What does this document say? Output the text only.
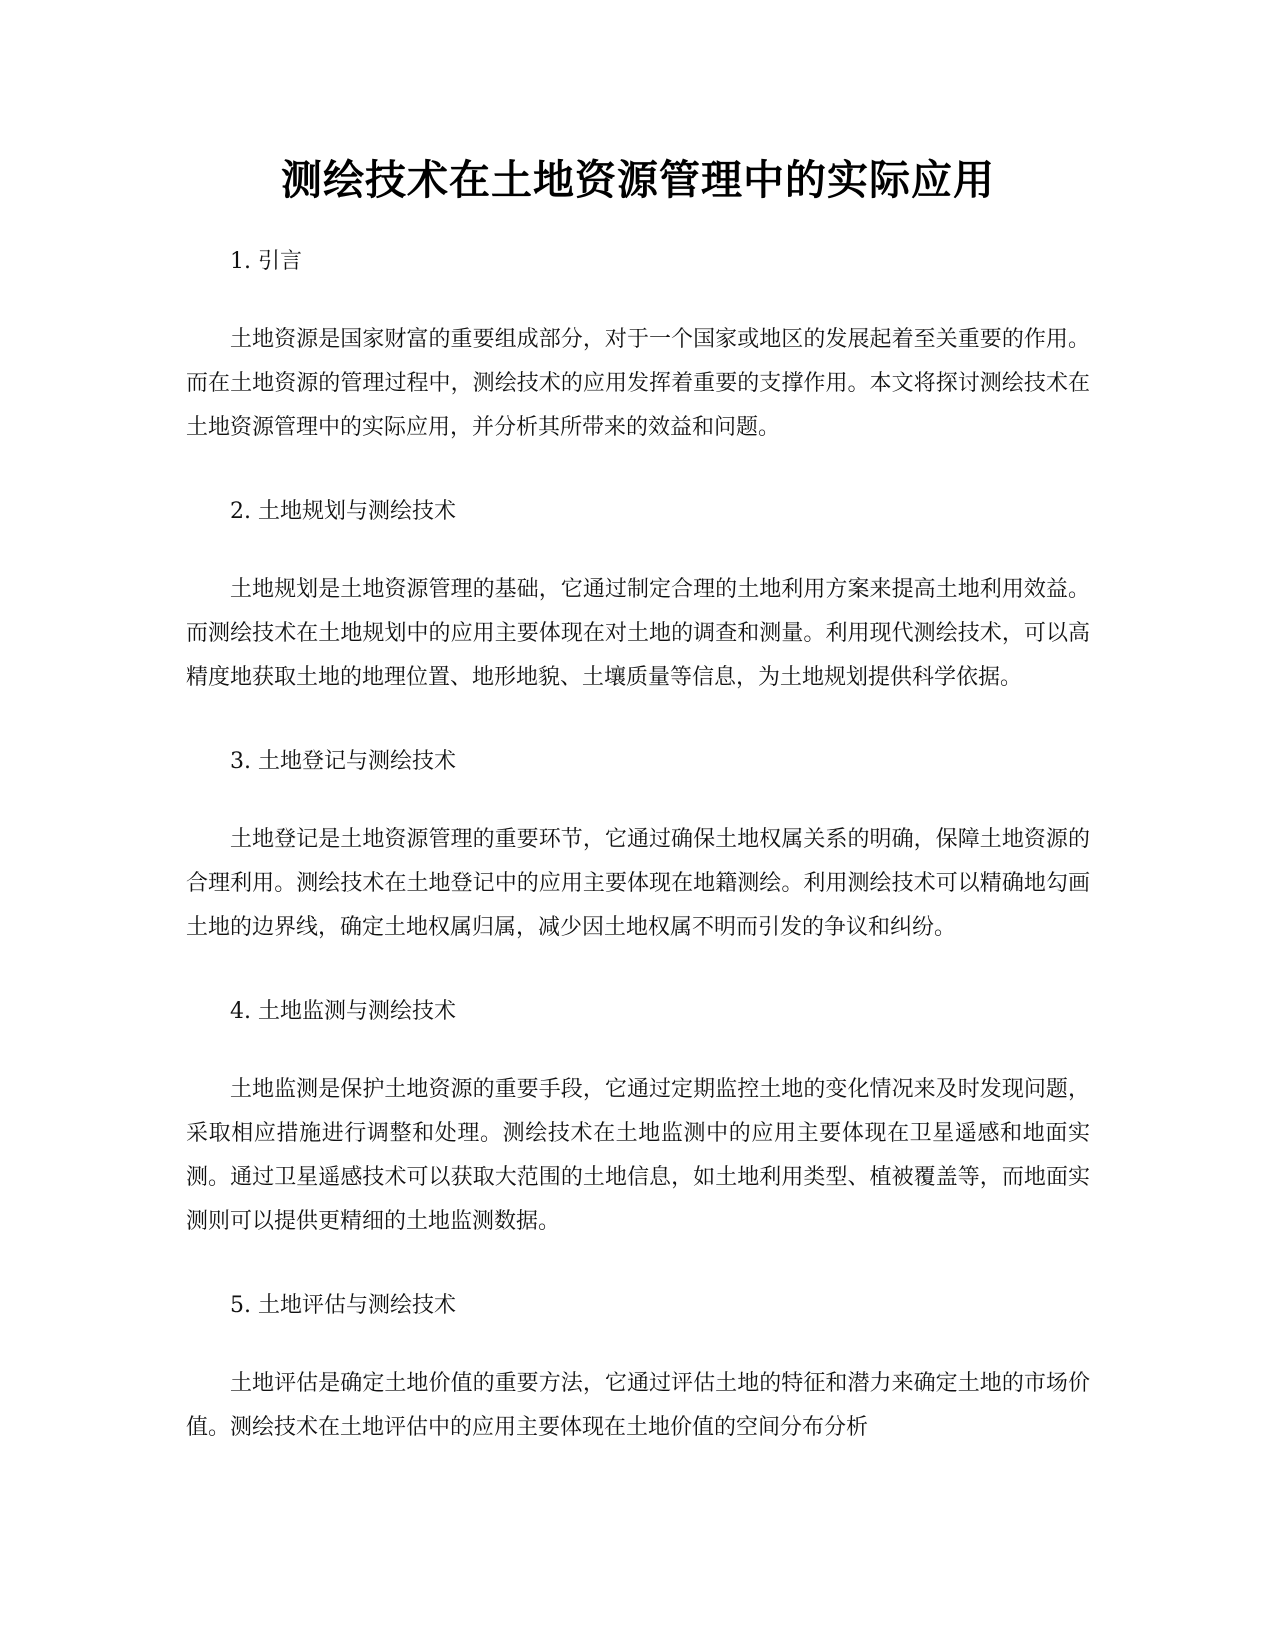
测绘技术在土地资源管理中的实际应用
1. 引言

土地资源是国家财富的重要组成部分，对于一个国家或地区的发展起着至关重要的作用。而在土地资源的管理过程中，测绘技术的应用发挥着重要的支撑作用。本文将探讨测绘技术在土地资源管理中的实际应用，并分析其所带来的效益和问题。

2. 土地规划与测绘技术

土地规划是土地资源管理的基础，它通过制定合理的土地利用方案来提高土地利用效益。而测绘技术在土地规划中的应用主要体现在对土地的调查和测量。利用现代测绘技术，可以高精度地获取土地的地理位置、地形地貌、土壤质量等信息，为土地规划提供科学依据。

3. 土地登记与测绘技术

土地登记是土地资源管理的重要环节，它通过确保土地权属关系的明确，保障土地资源的合理利用。测绘技术在土地登记中的应用主要体现在地籍测绘。利用测绘技术可以精确地勾画土地的边界线，确定土地权属归属，减少因土地权属不明而引发的争议和纠纷。

4. 土地监测与测绘技术

土地监测是保护土地资源的重要手段，它通过定期监控土地的变化情况来及时发现问题，采取相应措施进行调整和处理。测绘技术在土地监测中的应用主要体现在卫星遥感和地面实测。通过卫星遥感技术可以获取大范围的土地信息，如土地利用类型、植被覆盖等，而地面实测则可以提供更精细的土地监测数据。

5. 土地评估与测绘技术

土地评估是确定土地价值的重要方法，它通过评估土地的特征和潜力来确定土地的市场价值。测绘技术在土地评估中的应用主要体现在土地价值的空间分布分析
